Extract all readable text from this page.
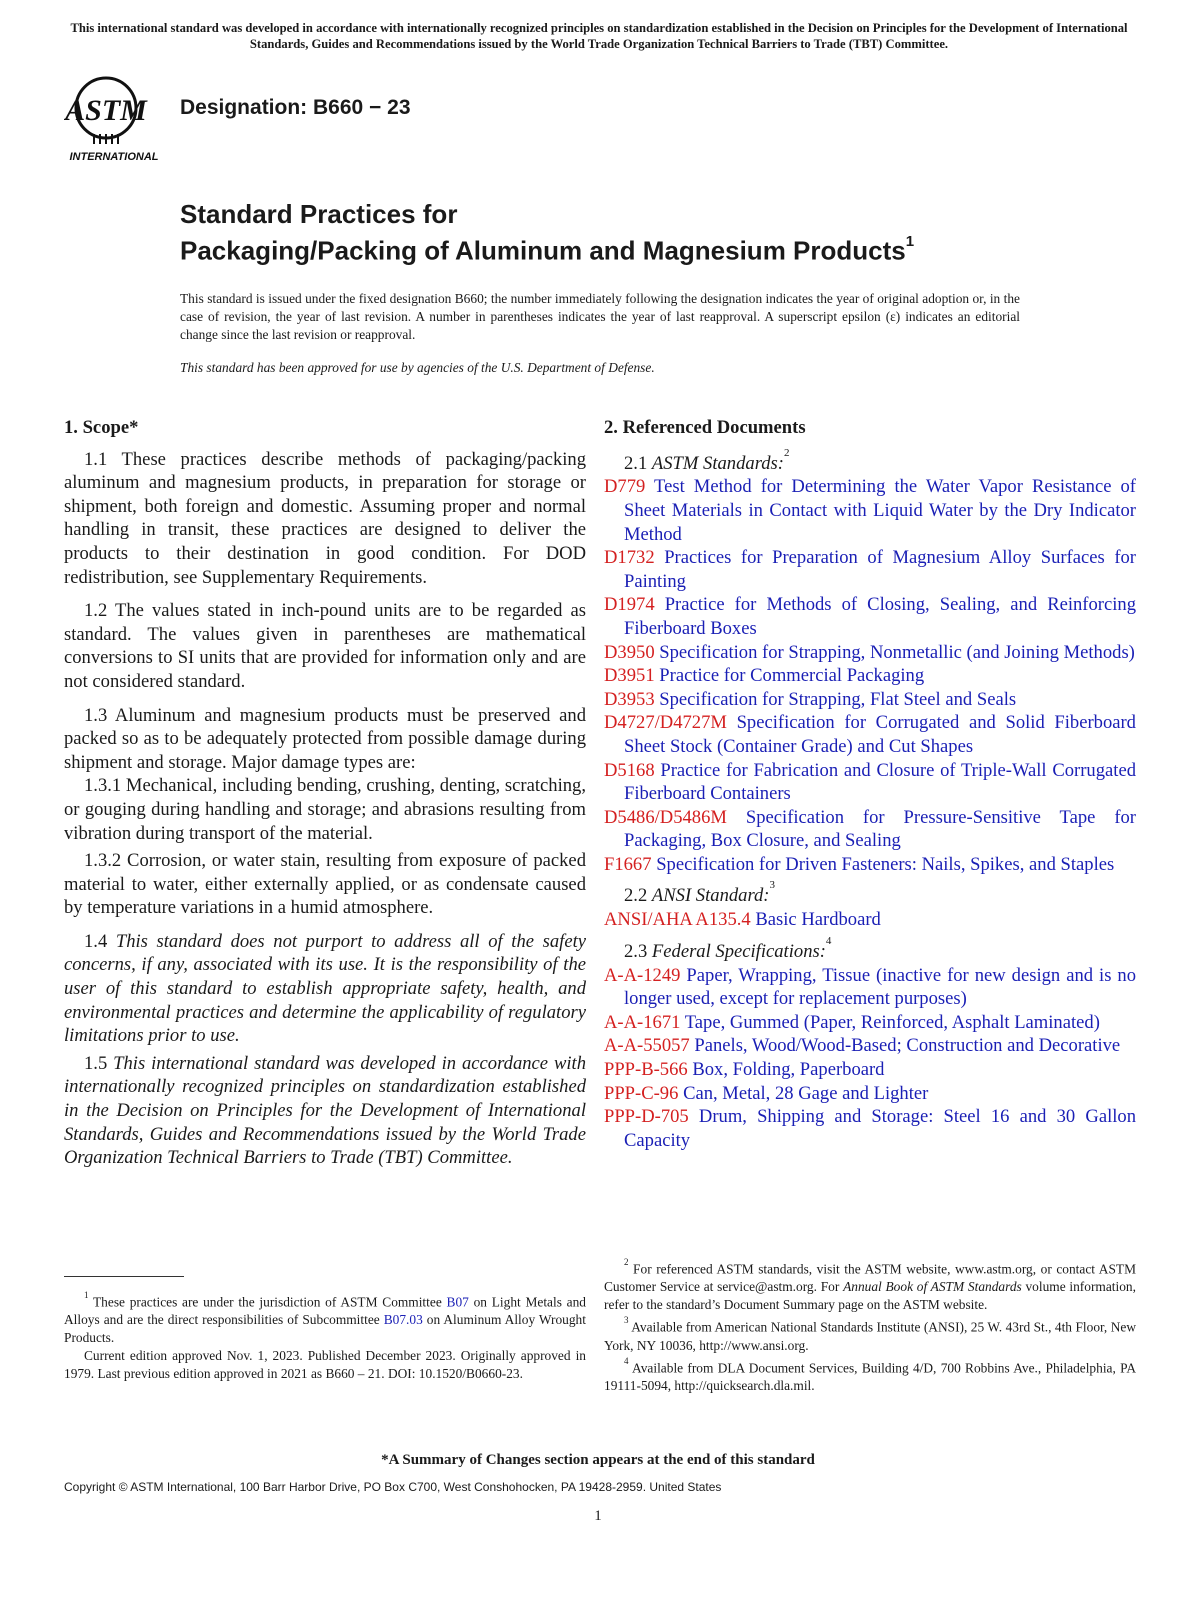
This international standard was developed in accordance with internationally recognized principles on standardization established in the Decision on Principles for the Development of International Standards, Guides and Recommendations issued by the World Trade Organization Technical Barriers to Trade (TBT) Committee.
ASTM
INTERNATIONAL
Designation: B660 − 23
Standard Practices for
Packaging/Packing of Aluminum and Magnesium Products$^1$
This standard is issued under the fixed designation B660; the number immediately following the designation indicates the year of original adoption or, in the case of revision, the year of last revision. A number in parentheses indicates the year of last reapproval. A superscript epsilon (ε) indicates an editorial change since the last revision or reapproval.
This standard has been approved for use by agencies of the U.S. Department of Defense.
1. Scope*

1.1 These practices describe methods of packaging/packing aluminum and magnesium products, in preparation for storage or shipment, both foreign and domestic. Assuming proper and normal handling in transit, these practices are designed to deliver the products to their destination in good condition. For DOD redistribution, see Supplementary Requirements.

1.2 The values stated in inch-pound units are to be regarded as standard. The values given in parentheses are mathematical conversions to SI units that are provided for information only and are not considered standard.

1.3 Aluminum and magnesium products must be preserved and packed so as to be adequately protected from possible damage during shipment and storage. Major damage types are:

1.3.1 Mechanical, including bending, crushing, denting, scratching, or gouging during handling and storage; and abrasions resulting from vibration during transport of the material.

1.3.2 Corrosion, or water stain, resulting from exposure of packed material to water, either externally applied, or as condensate caused by temperature variations in a humid atmosphere.

1.4 This standard does not purport to address all of the safety concerns, if any, associated with its use. It is the responsibility of the user of this standard to establish appropriate safety, health, and environmental practices and determine the applicability of regulatory limitations prior to use.

1.5 This international standard was developed in accordance with internationally recognized principles on standardization established in the Decision on Principles for the Development of International Standards, Guides and Recommendations issued by the World Trade Organization Technical Barriers to Trade (TBT) Committee.

2. Referenced Documents
2.1 ASTM Standards:$^2$
D779 Test Method for Determining the Water Vapor Resistance of Sheet Materials in Contact with Liquid Water by the Dry Indicator Method
D1732 Practices for Preparation of Magnesium Alloy Surfaces for Painting
D1974 Practice for Methods of Closing, Sealing, and Reinforcing Fiberboard Boxes
D3950 Specification for Strapping, Nonmetallic (and Joining Methods)
D3951 Practice for Commercial Packaging
D3953 Specification for Strapping, Flat Steel and Seals
D4727/D4727M Specification for Corrugated and Solid Fiberboard Sheet Stock (Container Grade) and Cut Shapes
D5168 Practice for Fabrication and Closure of Triple-Wall Corrugated Fiberboard Containers
D5486/D5486M Specification for Pressure-Sensitive Tape for Packaging, Box Closure, and Sealing
F1667 Specification for Driven Fasteners: Nails, Spikes, and Staples
2.2 ANSI Standard:$^3$
ANSI/AHA A135.4 Basic Hardboard
2.3 Federal Specifications:$^4$
A-A-1249 Paper, Wrapping, Tissue (inactive for new design and is no longer used, except for replacement purposes)
A-A-1671 Tape, Gummed (Paper, Reinforced, Asphalt Laminated)
A-A-55057 Panels, Wood/Wood-Based; Construction and Decorative
PPP-B-566 Box, Folding, Paperboard
PPP-C-96 Can, Metal, 28 Gage and Lighter
PPP-D-705 Drum, Shipping and Storage: Steel 16 and 30 Gallon Capacity

$^1$ These practices are under the jurisdiction of ASTM Committee B07 on Light Metals and Alloys and are the direct responsibilities of Subcommittee B07.03 on Aluminum Alloy Wrought Products.

Current edition approved Nov. 1, 2023. Published December 2023. Originally approved in 1979. Last previous edition approved in 2021 as B660 – 21. DOI: 10.1520/B0660-23.

$^2$ For referenced ASTM standards, visit the ASTM website, www.astm.org, or contact ASTM Customer Service at service@astm.org. For Annual Book of ASTM Standards volume information, refer to the standard’s Document Summary page on the ASTM website.

$^3$ Available from American National Standards Institute (ANSI), 25 W. 43rd St., 4th Floor, New York, NY 10036, http://www.ansi.org.

$^4$ Available from DLA Document Services, Building 4/D, 700 Robbins Ave., Philadelphia, PA 19111-5094, http://quicksearch.dla.mil.

*A Summary of Changes section appears at the end of this standard
Copyright © ASTM International, 100 Barr Harbor Drive, PO Box C700, West Conshohocken, PA 19428-2959. United States
1
